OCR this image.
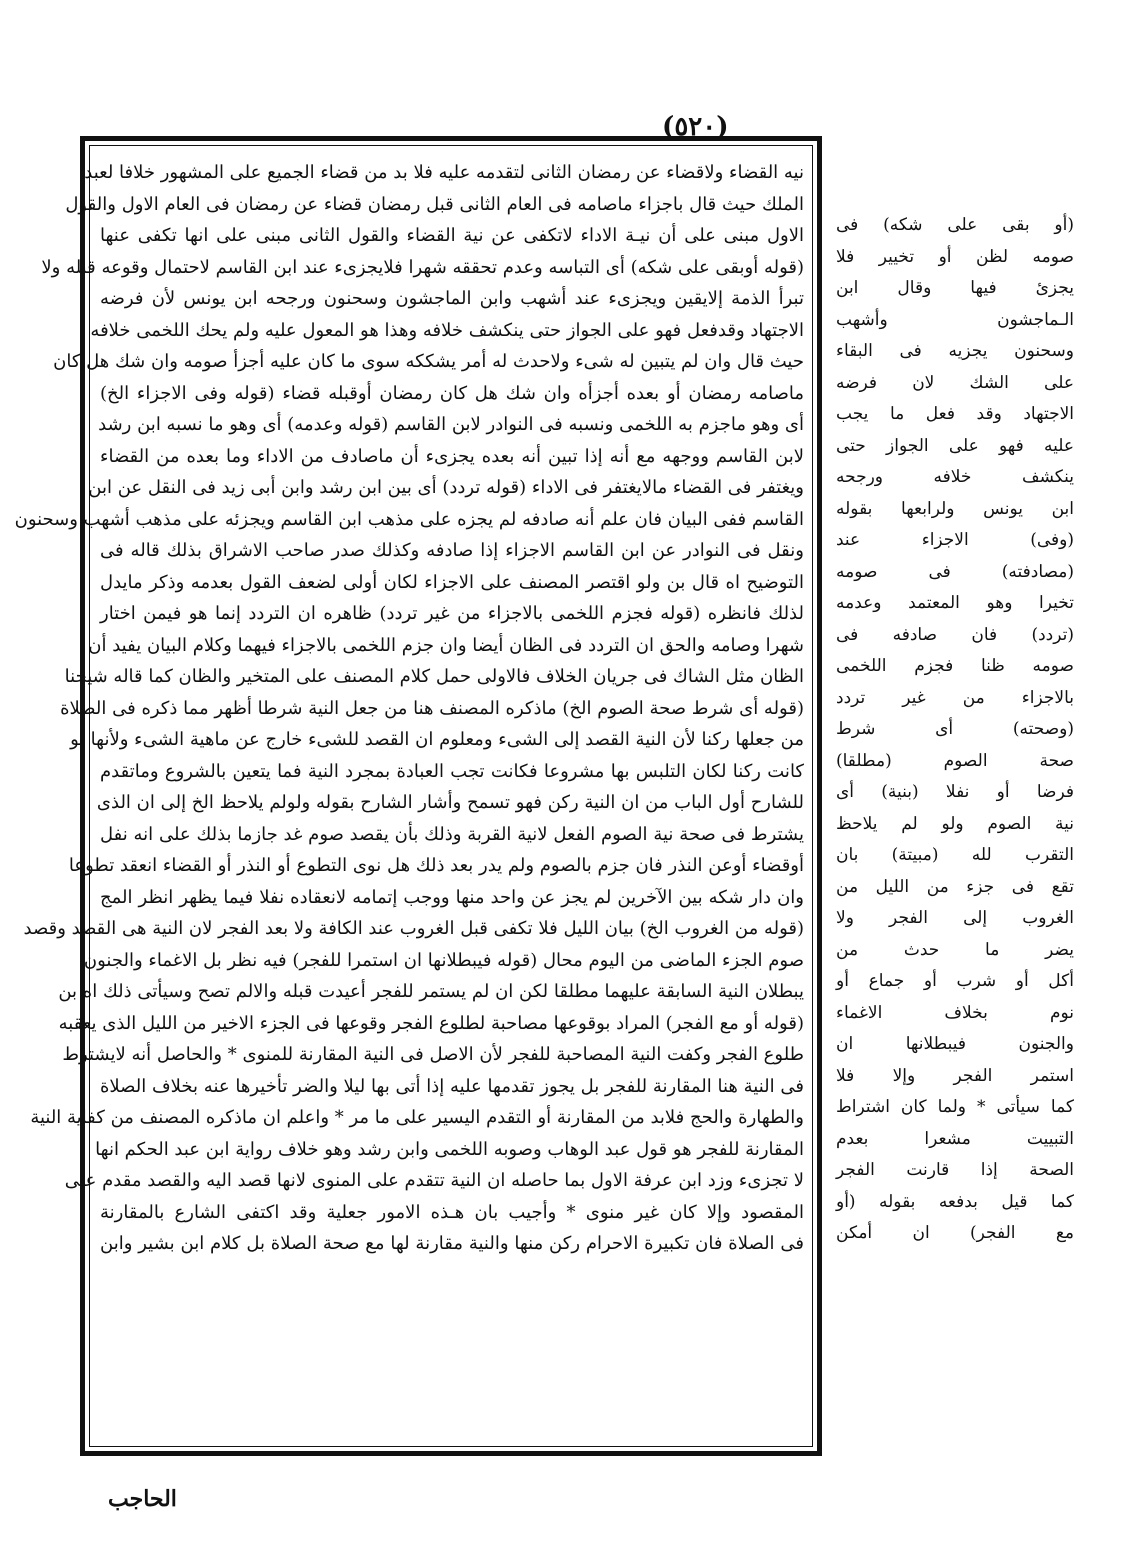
(٥٢٠)
نيه القضاء ولاقضاء عن رمضان الثانى لتقدمه عليه فلا بد من قضاء الجميع على المشهور خلافا لعبد
الملك حيث قال باجزاء ماصامه فى العام الثانى قبل رمضان قضاء عن رمضان فى العام الاول والقول
الاول مبنى على أن نيـة الاداء لاتكفى عن نية القضاء والقول الثانى مبنى على انها تكفى عنها
(قوله أوبقى على شكه) أى التباسه وعدم تحققه شهرا فلايجزىء عند ابن القاسم لاحتمال وقوعه قبله ولا
تبرأ الذمة إلايقين ويجزىء عند أشهب وابن الماجشون وسحنون ورجحه ابن يونس لأن فرضه
الاجتهاد وقدفعل فهو على الجواز حتى ينكشف خلافه وهذا هو المعول عليه ولم يحك اللخمى خلافه
حيث قال وان لم يتبين له شىء ولاحدث له أمر يشككه سوى ما كان عليه أجزأ صومه وان شك هل كان
ماصامه رمضان أو بعده أجزأه وان شك هل كان رمضان أوقبله قضاء (قوله وفى الاجزاء الخ)
أى وهو ماجزم به اللخمى ونسبه فى النوادر لابن القاسم (قوله وعدمه) أى وهو ما نسبه ابن رشد
لابن القاسم ووجهه مع أنه إذا تبين أنه بعده يجزىء أن ماصادف من الاداء وما بعده من القضاء
ويغتفر فى القضاء مالايغتفر فى الاداء (قوله تردد) أى بين ابن رشد وابن أبى زيد فى النقل عن ابن
القاسم ففى البيان فان علم أنه صادفه لم يجزه على مذهب ابن القاسم ويجزئه على مذهب أشهب وسحنون
ونقل فى النوادر عن ابن القاسم الاجزاء إذا صادفه وكذلك صدر صاحب الاشراق بذلك قاله فى
التوضيح اه قال بن ولو اقتصر المصنف على الاجزاء لكان أولى لضعف القول بعدمه وذكر مايدل
لذلك فانظره (قوله فجزم اللخمى بالاجزاء من غير تردد) ظاهره ان التردد إنما هو فيمن اختار
شهرا وصامه والحق ان التردد فى الظان أيضا وان جزم اللخمى بالاجزاء فيهما وكلام البيان يفيد أن
الظان مثل الشاك فى جريان الخلاف فالاولى حمل كلام المصنف على المتخير والظان كما قاله شيخنا
(قوله أى شرط صحة الصوم الخ) ماذكره المصنف هنا من جعل النية شرطا أظهر مما ذكره فى الصلاة
من جعلها ركنا لأن النية القصد إلى الشىء ومعلوم ان القصد للشىء خارج عن ماهية الشىء ولأنها لو
كانت ركنا لكان التلبس بها مشروعا فكانت تجب العبادة بمجرد النية فما يتعين بالشروع وماتقدم
للشارح أول الباب من ان النية ركن فهو تسمح وأشار الشارح بقوله ولولم يلاحظ الخ إلى ان الذى
يشترط فى صحة نية الصوم الفعل لانية القربة وذلك بأن يقصد صوم غد جازما بذلك على انه نفل
أوقضاء أوعن النذر فان جزم بالصوم ولم يدر بعد ذلك هل نوى التطوع أو النذر أو القضاء انعقد تطوعا
وان دار شكه بين الآخرين لم يجز عن واحد منها ووجب إتمامه لانعقاده نفلا فيما يظهر انظر المج
(قوله من الغروب الخ) بيان الليل فلا تكفى قبل الغروب عند الكافة ولا بعد الفجر لان النية هى القصد وقصد
صوم الجزء الماضى من اليوم محال (قوله فيبطلانها ان استمرا للفجر) فيه نظر بل الاغماء والجنون
يبطلان النية السابقة عليهما مطلقا لكن ان لم يستمر للفجر أعيدت قبله والالم تصح وسيأتى ذلك اه بن
(قوله أو مع الفجر) المراد بوقوعها مصاحبة لطلوع الفجر وقوعها فى الجزء الاخير من الليل الذى يعقبه
طلوع الفجر وكفت النية المصاحبة للفجر لأن الاصل فى النية المقارنة للمنوى * والحاصل أنه لايشترط
فى النية هنا المقارنة للفجر بل يجوز تقدمها عليه إذا أتى بها ليلا والضر تأخيرها عنه بخلاف الصلاة
والطهارة والحج فلابد من المقارنة أو التقدم اليسير على ما مر * واعلم ان ماذكره المصنف من كفاية النية
المقارنة للفجر هو قول عبد الوهاب وصوبه اللخمى وابن رشد وهو خلاف رواية ابن عبد الحكم انها
لا تجزىء وزد ابن عرفة الاول بما حاصله ان النية تتقدم على المنوى لانها قصد اليه والقصد مقدم على
المقصود وإلا كان غير منوى * وأجيب بان هـذه الامور جعلية وقد اكتفى الشارع بالمقارنة
فى الصلاة فان تكبيرة الاحرام ركن منها والنية مقارنة لها مع صحة الصلاة بل كلام ابن بشير وابن
(أو بقى على شكه) فى
صومه لظن أو تخيير فلا
يجزئ فيها وقال ابن
الـماجشون وأشهب
وسحنون يجزيه فى البقاء
على الشك لان فرضه
الاجتهاد وقد فعل ما يجب
عليه فهو على الجواز حتى
ينكشف خلافه ورجحه
ابن يونس ولرابعها بقوله
(وفى) الاجزاء عند
(مصادفته) فى صومه
تخيرا وهو المعتمد وعدمه
(تردد) فان صادفه فى
صومه ظنا فجزم اللخمى
بالاجزاء من غير تردد
(وصحته) أى شرط
صحة الصوم (مطلقا)
فرضا أو نفلا (بنية) أى
نية الصوم ولو لم يلاحظ
التقرب لله (مبيتة) بان
تقع فى جزء من الليل من
الغروب إلى الفجر ولا
يضر ما حدث من
أكل أو شرب أو جماع أو
نوم بخلاف الاغماء
والجنون فيبطلانها ان
استمر الفجر وإلا فلا
كما سيأتى * ولما كان اشتراط
التبييت مشعرا بعدم
الصحة إذا قارنت الفجر
كما قيل بدفعه بقوله (أو
مع الفجر) ان أمكن
الحاجب
